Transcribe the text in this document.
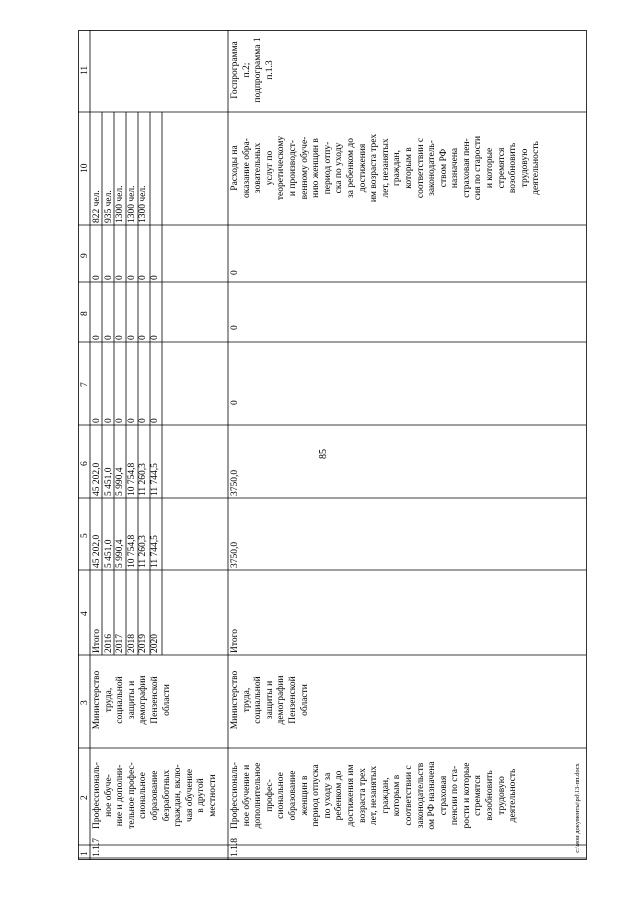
85
1
2
3
4
5
6
7
8
9
10
11
1.1.7
Профессиональ- ное обуче- ние и дополни- тельное профес- сиональное образование безработных граждан, вклю- чая обучение в другой местности
Министерство труда, социальной защиты и демографии Пензенской области
Итого 2016 2017 2018 2019 2020
45 202,0 5 451,0 5 990,4 10 754,8 11 260,3 11 744,5
45 202,0 5 451,0 5 990,4 10 754,8 11 260,3 11 744,5
0 0 0 0 0 0
0 0 0 0 0 0
0 0 0 0 0 0
822 чел. 935 чел. 1300 чел. 1300 чел. 1300 чел.
1.1.8
Профессиональ- ное обучение и дополнительное профес- сиональное образование женщин в период отпуска по уходу за ребенком до достижения им возраста трех лет, незанятых граждан, которым в соответствии с законодательств ом РФ назначена страховая пенсии по ста- рости и которые стремятся возобновить трудовую деятельность
Министерство труда, социальной защиты и демографии Пензенской области
Итого
3750,0
3750,0
0
0
0
Расходы на оказание обра- зовательных услуг по теоретическому и производст- венному обуче- нию женщин в период отпу- ска по уходу за ребенком до достижения им возраста трех лет, незанятых граждан, которым в соответствии с законодатель- ством РФ назначена страховая пен- сия по старости и которые стремятся возобновить трудовую деятельность
Госпрограмма п.2; подпрограмма 1 п.1.3
с:\мои документы\pd\13-пп.docx
